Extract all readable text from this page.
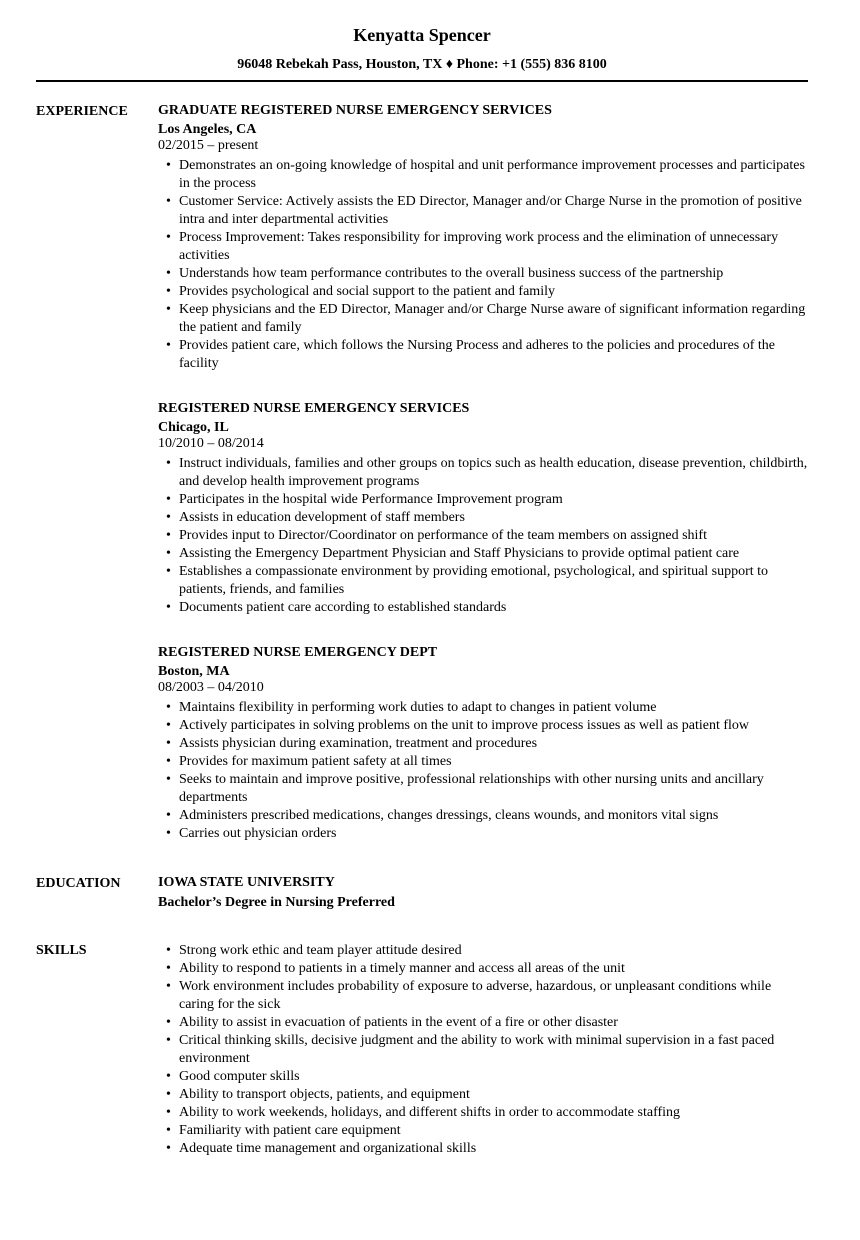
Kenyatta Spencer
96048 Rebekah Pass, Houston, TX ♦ Phone: +1 (555) 836 8100
EXPERIENCE	GRADUATE REGISTERED NURSE EMERGENCY SERVICES
Los Angeles, CA
02/2015 – present
• Demonstrates an on-going knowledge of hospital and unit performance improvement processes and participates in the process
• Customer Service: Actively assists the ED Director, Manager and/or Charge Nurse in the promotion of positive intra and inter departmental activities
• Process Improvement: Takes responsibility for improving work process and the elimination of unnecessary activities
• Understands how team performance contributes to the overall business success of the partnership
• Provides psychological and social support to the patient and family
• Keep physicians and the ED Director, Manager and/or Charge Nurse aware of significant information regarding the patient and family
• Provides patient care, which follows the Nursing Process and adheres to the policies and procedures of the facility
REGISTERED NURSE EMERGENCY SERVICES
Chicago, IL
10/2010 – 08/2014
• Instruct individuals, families and other groups on topics such as health education, disease prevention, childbirth, and develop health improvement programs
• Participates in the hospital wide Performance Improvement program
• Assists in education development of staff members
• Provides input to Director/Coordinator on performance of the team members on assigned shift
• Assisting the Emergency Department Physician and Staff Physicians to provide optimal patient care
• Establishes a compassionate environment by providing emotional, psychological, and spiritual support to patients, friends, and families
• Documents patient care according to established standards
REGISTERED NURSE EMERGENCY DEPT
Boston, MA
08/2003 – 04/2010
• Maintains flexibility in performing work duties to adapt to changes in patient volume
• Actively participates in solving problems on the unit to improve process issues as well as patient flow
• Assists physician during examination, treatment and procedures
• Provides for maximum patient safety at all times
• Seeks to maintain and improve positive, professional relationships with other nursing units and ancillary departments
• Administers prescribed medications, changes dressings, cleans wounds, and monitors vital signs
• Carries out physician orders
EDUCATION	IOWA STATE UNIVERSITY
Bachelor’s Degree in Nursing Preferred
SKILLS	• Strong work ethic and team player attitude desired
• Ability to respond to patients in a timely manner and access all areas of the unit
• Work environment includes probability of exposure to adverse, hazardous, or unpleasant conditions while caring for the sick
• Ability to assist in evacuation of patients in the event of a fire or other disaster
• Critical thinking skills, decisive judgment and the ability to work with minimal supervision in a fast paced environment
• Good computer skills
• Ability to transport objects, patients, and equipment
• Ability to work weekends, holidays, and different shifts in order to accommodate staffing
• Familiarity with patient care equipment
• Adequate time management and organizational skills
